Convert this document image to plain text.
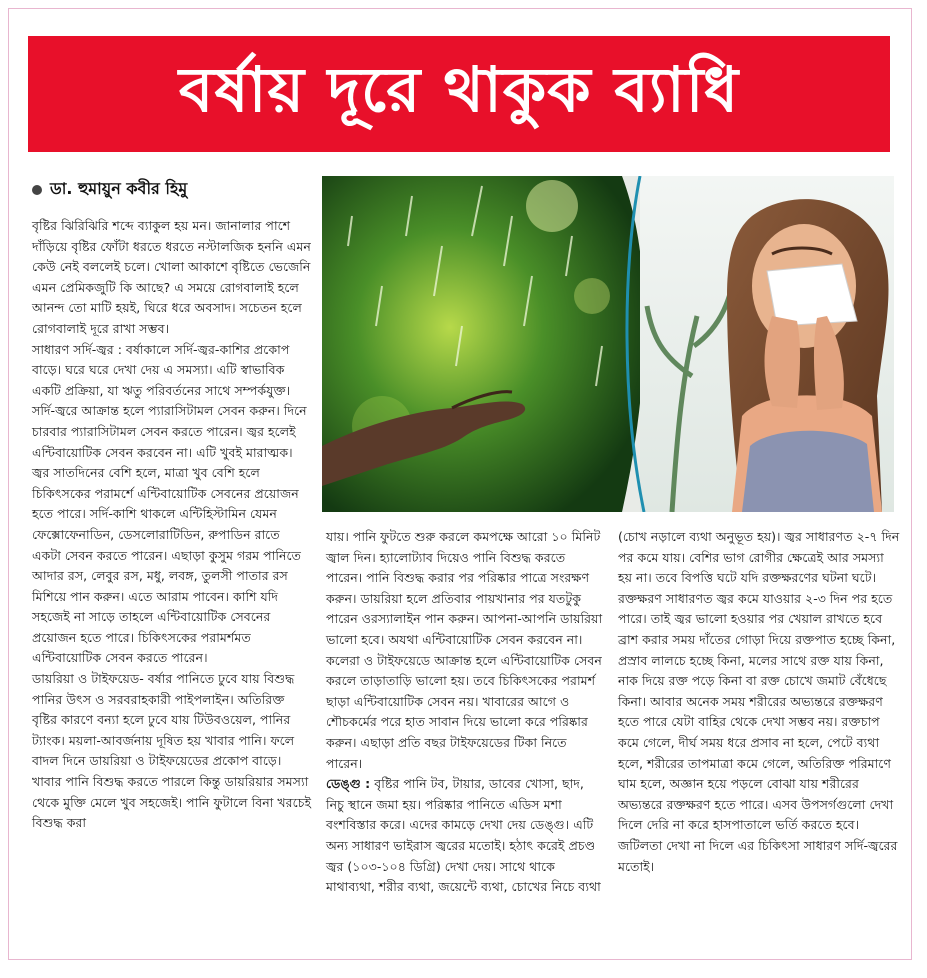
বর্ষায় দূরে থাকুক ব্যাধি
ডা. হুমায়ুন কবীর হিমু

বৃষ্টির ঝিরিঝিরি শব্দে ব্যাকুল হয় মন। জানালার পাশে দাঁড়িয়ে বৃষ্টির ফোঁটা ধরতে ধরতে নস্টালজিক হননি এমন কেউ নেই বললেই চলে। খোলা আকাশে বৃষ্টিতে ভেজেনি এমন প্রেমিকজুটি কি আছে? এ সময়ে রোগবালাই হলে আনন্দ তো মাটি হয়ই, ঘিরে ধরে অবসাদ। সচেতন হলে রোগবালাই দূরে রাখা সম্ভব।

সাধারণ সর্দি-জ্বর : বর্ষাকালে সর্দি-জ্বর-কাশির প্রকোপ বাড়ে। ঘরে ঘরে দেখা দেয় এ সমস্যা। এটি স্বাভাবিক একটি প্রক্রিয়া, যা ঋতু পরিবর্তনের সাথে সম্পর্কযুক্ত। সর্দি-জ্বরে আক্রান্ত হলে প্যারাসিটামল সেবন করুন। দিনে চারবার প্যারাসিটামল সেবন করতে পারেন। জ্বর হলেই এন্টিবায়োটিক সেবন করবেন না। এটি খুবই মারাত্মক। জ্বর সাতদিনের বেশি হলে, মাত্রা খুব বেশি হলে চিকিৎসকের পরামর্শে এন্টিবায়োটিক সেবনের প্রয়োজন হতে পারে। সর্দি-কাশি থাকলে এন্টিহিস্টামিন যেমন ফেক্সোফেনাডিন, ডেসলোরাটিডিন, রুপাডিন রাতে একটা সেবন করতে পারেন। এছাড়া কুসুম গরম পানিতে আদার রস, লেবুর রস, মধু, লবঙ্গ, তুলসী পাতার রস মিশিয়ে পান করুন। এতে আরাম পাবেন। কাশি যদি সহজেই না সাড়ে তাহলে এন্টিবায়োটিক সেবনের প্রয়োজন হতে পারে। চিকিৎসকের পরামর্শমত এন্টিবায়োটিক সেবন করতে পারেন।

ডায়রিয়া ও টাইফয়েড- বর্ষার পানিতে ঢুবে যায় বিশুদ্ধ পানির উৎস ও সরবরাহকারী পাইপলাইন। অতিরিক্ত বৃষ্টির কারণে বন্যা হলে ঢুবে যায় টিউবওয়েল, পানির ট্যাংক। ময়লা-আবর্জনায় দূষিত হয় খাবার পানি। ফলে বাদল দিনে ডায়রিয়া ও টাইফয়েডের প্রকোপ বাড়ে। খাবার পানি বিশুদ্ধ করতে পারলে কিন্তু ডায়রিয়ার সমস্যা থেকে মুক্তি মেলে খুব সহজেই। পানি ফুটালে বিনা খরচেই বিশুদ্ধ করা

যায়। পানি ফুটতে শুরু করলে কমপক্ষে আরো ১০ মিনিট জ্বাল দিন। হ্যালোট্যাব দিয়েও পানি বিশুদ্ধ করতে পারেন। পানি বিশুদ্ধ করার পর পরিষ্কার পাত্রে সংরক্ষণ করুন। ডায়রিয়া হলে প্রতিবার পায়খানার পর যতটুকু পারেন ওরস্যালাইন পান করুন। আপনা-আপনি ডায়রিয়া ভালো হবে। অযথা এন্টিবায়োটিক সেবন করবেন না। কলেরা ও টাইফয়েডে আক্রান্ত হলে এন্টিবায়োটিক সেবন করলে তাড়াতাড়ি ভালো হয়। তবে চিকিৎসকের পরামর্শ ছাড়া এন্টিবায়োটিক সেবন নয়। খাবারের আগে ও শৌচকর্মের পরে হাত সাবান দিয়ে ভালো করে পরিষ্কার করুন। এছাড়া প্রতি বছর টাইফয়েডের টিকা নিতে পারেন।

ডেঙ্গু : বৃষ্টির পানি টব, টায়ার, ডাবের খোসা, ছাদ, নিচু স্থানে জমা হয়। পরিষ্কার পানিতে এডিস মশা বংশবিস্তার করে। এদের কামড়ে দেখা দেয় ডেঙ্গু। এটি অন্য সাধারণ ভাইরাস জ্বরের মতোই। হঠাৎ করেই প্রচণ্ড জ্বর (১০৩-১০৪ ডিগ্রি) দেখা দেয়। সাথে থাকে মাথাব্যথা, শরীর ব্যথা, জয়েন্টে ব্যথা, চোখের নিচে ব্যথা

(চোখ নড়ালে ব্যথা অনুভূত হয়)। জ্বর সাধারণত ২-৭ দিন পর কমে যায়। বেশির ভাগ রোগীর ক্ষেত্রেই আর সমস্যা হয় না। তবে বিপত্তি ঘটে যদি রক্তক্ষরণের ঘটনা ঘটে। রক্তক্ষরণ সাধারণত জ্বর কমে যাওয়ার ২-৩ দিন পর হতে পারে। তাই জ্বর ভালো হওয়ার পর খেয়াল রাখতে হবে ব্রাশ করার সময় দাঁতের গোড়া দিয়ে রক্তপাত হচ্ছে কিনা, প্রস্রাব লালচে হচ্ছে কিনা, মলের সাথে রক্ত যায় কিনা, নাক দিয়ে রক্ত পড়ে কিনা বা রক্ত চোখে জমাট বেঁধেছে কিনা। আবার অনেক সময় শরীরের অভ্যন্তরে রক্তক্ষরণ হতে পারে যেটা বাহির থেকে দেখা সম্ভব নয়। রক্তচাপ কমে গেলে, দীর্ঘ সময় ধরে প্রসাব না হলে, পেটে ব্যথা হলে, শরীরের তাপমাত্রা কমে গেলে, অতিরিক্ত পরিমাণে ঘাম হলে, অজ্ঞান হয়ে পড়লে বোঝা যায় শরীরের অভ্যন্তরে রক্তক্ষরণ হতে পারে। এসব উপসর্গগুলো দেখা দিলে দেরি না করে হাসপাতালে ভর্তি করতে হবে। জটিলতা দেখা না দিলে এর চিকিৎসা সাধারণ সর্দি-জ্বরের মতোই।
